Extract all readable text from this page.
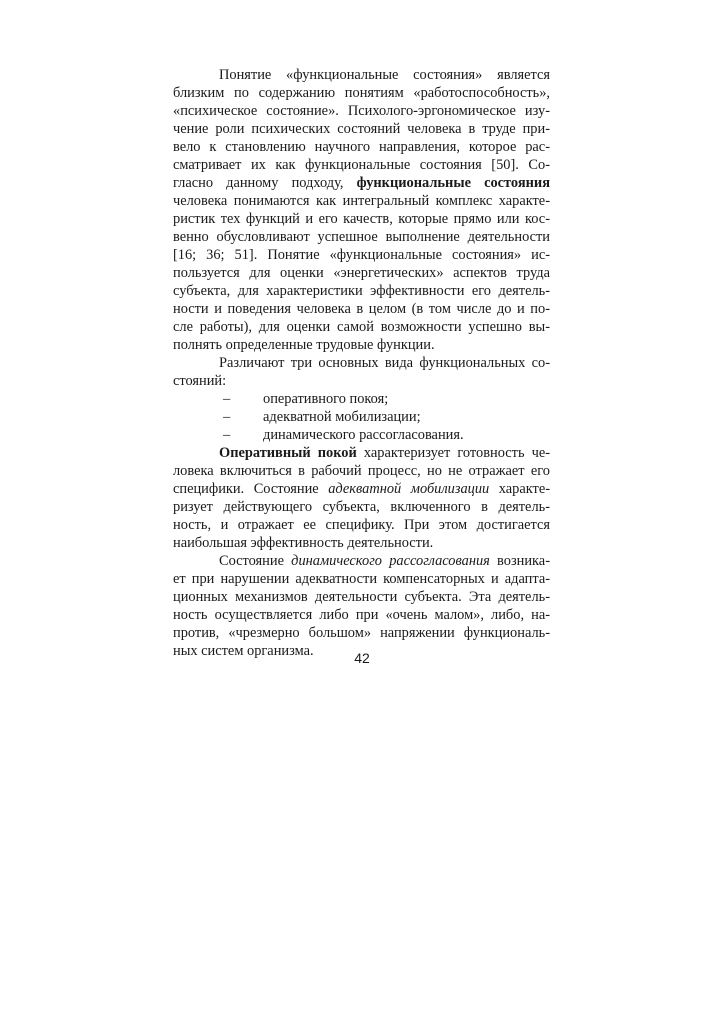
Понятие «функциональные состояния» является
близким по содержанию понятиям «работоспособность»,
«психическое состояние». Психолого-эргономическое изу-
чение роли психических состояний человека в труде при-
вело к становлению научного направления, которое рас-
сматривает их как функциональные состояния [50]. Со-
гласно данному подходу, функциональные состояния
человека понимаются как интегральный комплекс характе-
ристик тех функций и его качеств, которые прямо или кос-
венно обусловливают успешное выполнение деятельности
[16; 36; 51]. Понятие «функциональные состояния» ис-
пользуется для оценки «энергетических» аспектов труда
субъекта, для характеристики эффективности его деятель-
ности и поведения человека в целом (в том числе до и по-
сле работы), для оценки самой возможности успешно вы-
полнять определенные трудовые функции.
Различают три основных вида функциональных со-
стояний:
– оперативного покоя;
– адекватной мобилизации;
– динамического рассогласования.
Оперативный покой характеризует готовность че-
ловека включиться в рабочий процесс, но не отражает его
специфики. Состояние адекватной мобилизации характе-
ризует действующего субъекта, включенного в деятель-
ность, и отражает ее специфику. При этом достигается
наибольшая эффективность деятельности.
Состояние динамического рассогласования возника-
ет при нарушении адекватности компенсаторных и адапта-
ционных механизмов деятельности субъекта. Эта деятель-
ность осуществляется либо при «очень малом», либо, на-
против, «чрезмерно большом» напряжении функциональ-
ных систем организма.	42
